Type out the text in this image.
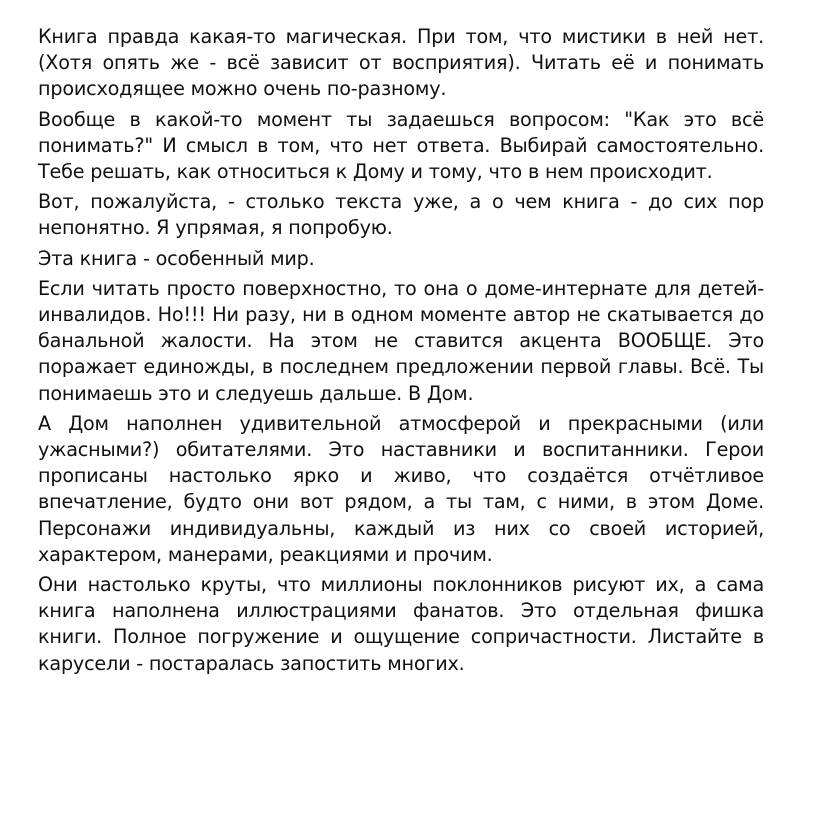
Книга правда какая-то магическая. При том, что мистики в ней нет. (Хотя опять же - всё зависит от восприятия). Читать её и понимать происходящее можно очень по-разному.

Вообще в какой-то момент ты задаешься вопросом: "Как это всё понимать?" И смысл в том, что нет ответа. Выбирай самостоятельно. Тебе решать, как относиться к Дому и тому, что в нем происходит.

Вот, пожалуйста, - столько текста уже, а о чем книга - до сих пор непонятно. Я упрямая, я попробую.

Эта книга - особенный мир.

Если читать просто поверхностно, то она о доме-интернате для детей-инвалидов. Но!!! Ни разу, ни в одном моменте автор не скатывается до банальной жалости. На этом не ставится акцента ВООБЩЕ. Это поражает единожды, в последнем предложении первой главы. Всё. Ты понимаешь это и следуешь дальше. В Дом.

А Дом наполнен удивительной атмосферой и прекрасными (или ужасными?) обитателями. Это наставники и воспитанники. Герои прописаны настолько ярко и живо, что создаётся отчётливое впечатление, будто они вот рядом, а ты там, с ними, в этом Доме. Персонажи индивидуальны, каждый из них со своей историей, характером, манерами, реакциями и прочим.

Они настолько круты, что миллионы поклонников рисуют их, а сама книга наполнена иллюстрациями фанатов. Это отдельная фишка книги. Полное погружение и ощущение сопричастности. Листайте в карусели - постаралась запостить многих.
